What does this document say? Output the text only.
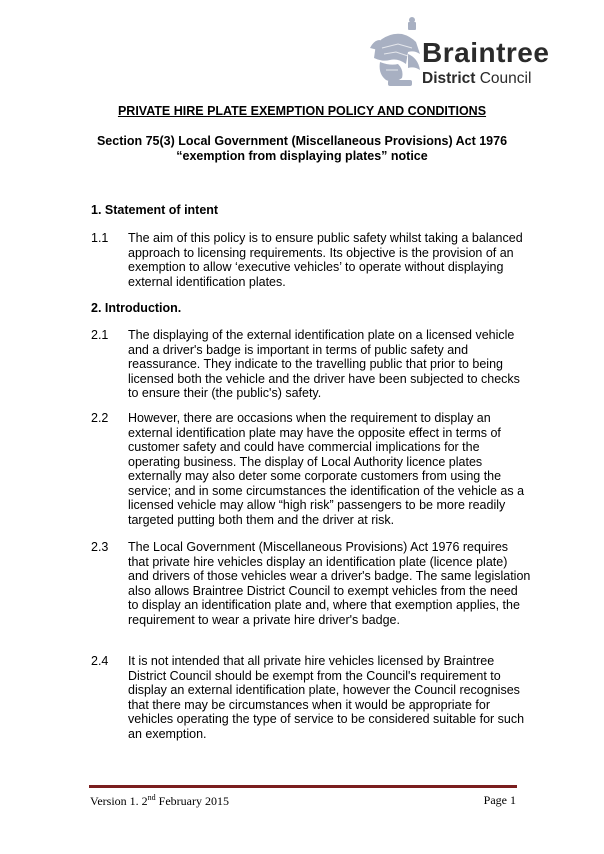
Braintree
District Council
PRIVATE HIRE PLATE EXEMPTION POLICY AND CONDITIONS
Section 75(3) Local Government (Miscellaneous Provisions) Act 1976
“exemption from displaying plates” notice
1. Statement of intent
1.1 The aim of this policy is to ensure public safety whilst taking a balanced approach to licensing requirements. Its objective is the provision of an exemption to allow ‘executive vehicles’ to operate without displaying external identification plates.
2. Introduction.
2.1 The displaying of the external identification plate on a licensed vehicle and a driver's badge is important in terms of public safety and reassurance. They indicate to the travelling public that prior to being licensed both the vehicle and the driver have been subjected to checks to ensure their (the public's) safety.
2.2 However, there are occasions when the requirement to display an external identification plate may have the opposite effect in terms of customer safety and could have commercial implications for the operating business. The display of Local Authority licence plates externally may also deter some corporate customers from using the service; and in some circumstances the identification of the vehicle as a licensed vehicle may allow “high risk” passengers to be more readily targeted putting both them and the driver at risk.
2.3 The Local Government (Miscellaneous Provisions) Act 1976 requires that private hire vehicles display an identification plate (licence plate) and drivers of those vehicles wear a driver's badge. The same legislation also allows Braintree District Council to exempt vehicles from the need to display an identification plate and, where that exemption applies, the requirement to wear a private hire driver's badge.
2.4 It is not intended that all private hire vehicles licensed by Braintree District Council should be exempt from the Council's requirement to display an external identification plate, however the Council recognises that there may be circumstances when it would be appropriate for vehicles operating the type of service to be considered suitable for such an exemption.
Version 1. 2nd February 2015	Page 1
